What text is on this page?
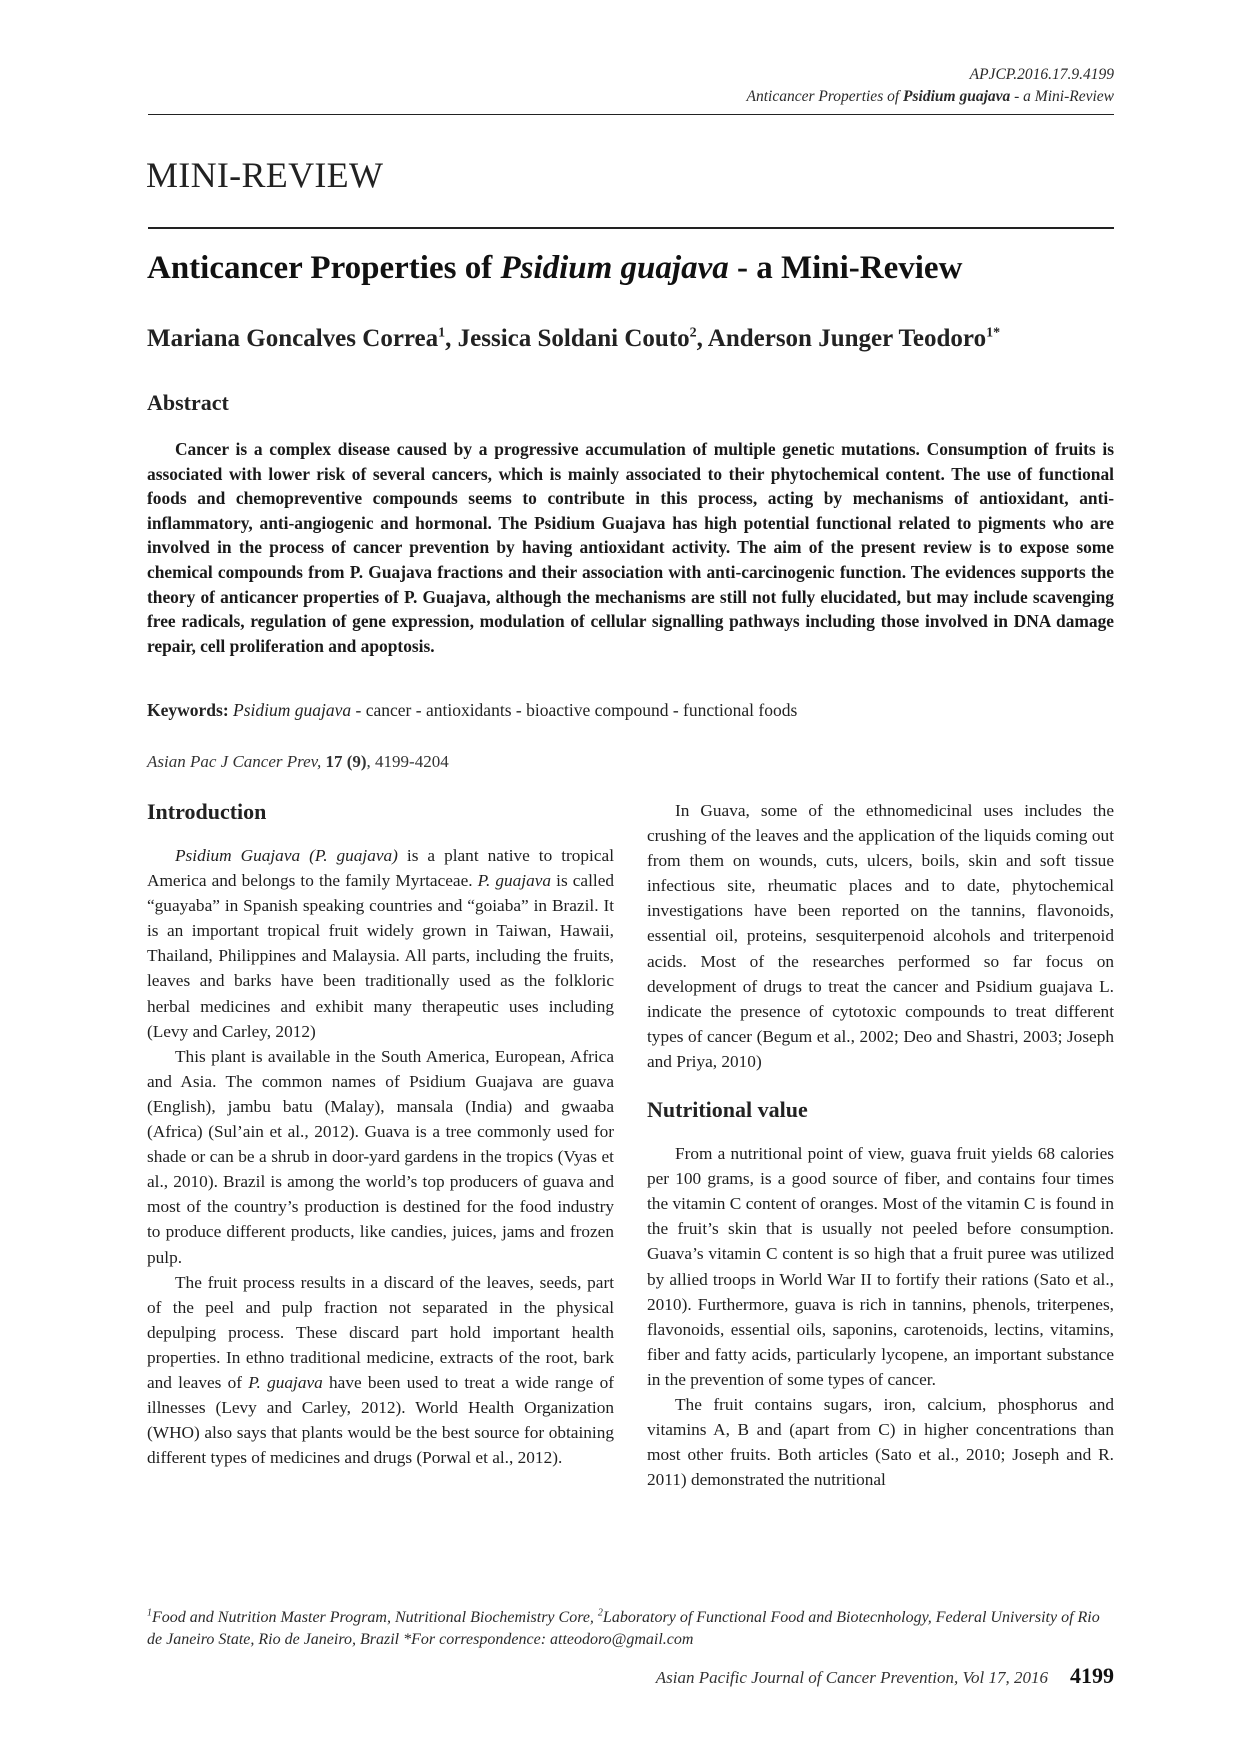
APJCP.2016.17.9.4199
Anticancer Properties of Psidium guajava - a Mini-Review
MINI-REVIEW
Anticancer Properties of Psidium guajava - a Mini-Review

Mariana Goncalves Correa$^1$, Jessica Soldani Couto$^2$, Anderson Junger Teodoro$^{1*}$

Abstract

Cancer is a complex disease caused by a progressive accumulation of multiple genetic mutations. Consumption of fruits is associated with lower risk of several cancers, which is mainly associated to their phytochemical content. The use of functional foods and chemopreventive compounds seems to contribute in this process, acting by mechanisms of antioxidant, anti-inflammatory, anti-angiogenic and hormonal. The Psidium Guajava has high potential functional related to pigments who are involved in the process of cancer prevention by having antioxidant activity. The aim of the present review is to expose some chemical compounds from P. Guajava fractions and their association with anti-carcinogenic function. The evidences supports the theory of anticancer properties of P. Guajava, although the mechanisms are still not fully elucidated, but may include scavenging free radicals, regulation of gene expression, modulation of cellular signalling pathways including those involved in DNA damage repair, cell proliferation and apoptosis.

Keywords: Psidium guajava - cancer - antioxidants - bioactive compound - functional foods

Asian Pac J Cancer Prev, 17 (9), 4199-4204

Introduction

Psidium Guajava (P. guajava) is a plant native to tropical America and belongs to the family Myrtaceae. P. guajava is called “guayaba” in Spanish speaking countries and “goiaba” in Brazil. It is an important tropical fruit widely grown in Taiwan, Hawaii, Thailand, Philippines and Malaysia. All parts, including the fruits, leaves and barks have been traditionally used as the folkloric herbal medicines and exhibit many therapeutic uses including (Levy and Carley, 2012)

This plant is available in the South America, European, Africa and Asia. The common names of Psidium Guajava are guava (English), jambu batu (Malay), mansala (India) and gwaaba (Africa) (Sul’ain et al., 2012). Guava is a tree commonly used for shade or can be a shrub in door-yard gardens in the tropics (Vyas et al., 2010). Brazil is among the world’s top producers of guava and most of the country’s production is destined for the food industry to produce different products, like candies, juices, jams and frozen pulp.

The fruit process results in a discard of the leaves, seeds, part of the peel and pulp fraction not separated in the physical depulping process. These discard part hold important health properties. In ethno traditional medicine, extracts of the root, bark and leaves of P. guajava have been used to treat a wide range of illnesses (Levy and Carley, 2012). World Health Organization (WHO) also says that plants would be the best source for obtaining different types of medicines and drugs (Porwal et al., 2012).

In Guava, some of the ethnomedicinal uses includes the crushing of the leaves and the application of the liquids coming out from them on wounds, cuts, ulcers, boils, skin and soft tissue infectious site, rheumatic places and to date, phytochemical investigations have been reported on the tannins, flavonoids, essential oil, proteins, sesquiterpenoid alcohols and triterpenoid acids. Most of the researches performed so far focus on development of drugs to treat the cancer and Psidium guajava L. indicate the presence of cytotoxic compounds to treat different types of cancer (Begum et al., 2002; Deo and Shastri, 2003; Joseph and Priya, 2010)

Nutritional value

From a nutritional point of view, guava fruit yields 68 calories per 100 grams, is a good source of fiber, and contains four times the vitamin C content of oranges. Most of the vitamin C is found in the fruit’s skin that is usually not peeled before consumption. Guava’s vitamin C content is so high that a fruit puree was utilized by allied troops in World War II to fortify their rations (Sato et al., 2010). Furthermore, guava is rich in tannins, phenols, triterpenes, flavonoids, essential oils, saponins, carotenoids, lectins, vitamins, fiber and fatty acids, particularly lycopene, an important substance in the prevention of some types of cancer.

The fruit contains sugars, iron, calcium, phosphorus and vitamins A, B and (apart from C) in higher concentrations than most other fruits. Both articles (Sato et al., 2010; Joseph and R. 2011) demonstrated the nutritional

$^1$Food and Nutrition Master Program, Nutritional Biochemistry Core, $^2$Laboratory of Functional Food and Biotecnhology, Federal University of Rio de Janeiro State, Rio de Janeiro, Brazil *For correspondence: atteodoro@gmail.com

Asian Pacific Journal of Cancer Prevention, Vol 17, 2016 4199
